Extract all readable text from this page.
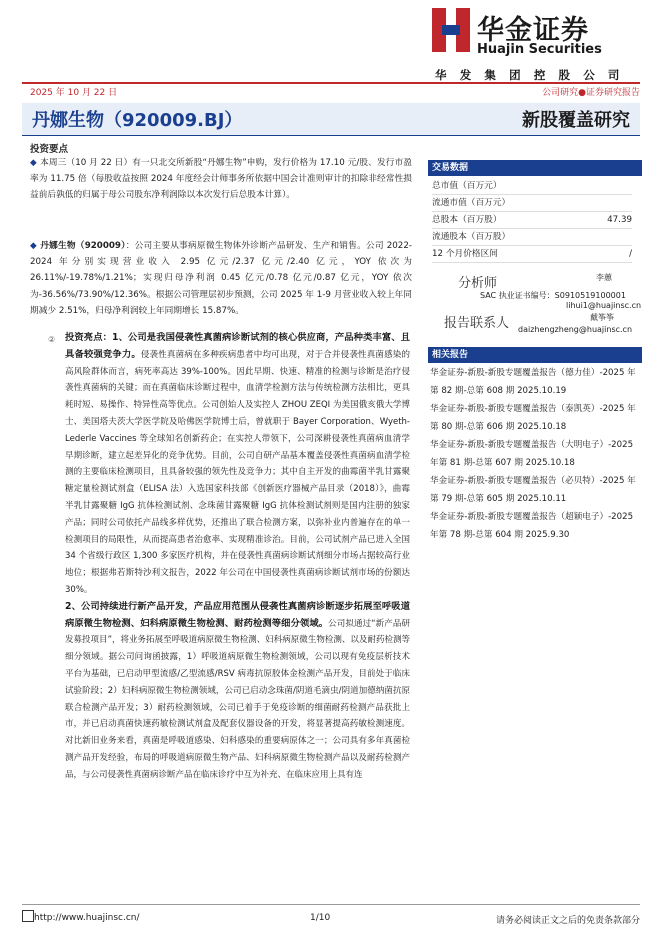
华金证券
Huajin Securities
华 发 集 团 控 股 公 司
2025 年 10 月 22 日	公司研究●证券研究报告
丹娜生物（920009.BJ）	新股覆盖研究
投资要点
◆ 本周三（10 月 22 日）有一只北交所新股“丹娜生物”申购，发行价格为 17.10 元/股、发行市盈率为 11.75 倍（每股收益按照 2024 年度经会计师事务所依据中国会计准则审计的扣除非经常性损益前后孰低的归属于母公司股东净利润除以本次发行后总股本计算）。
◆ 丹娜生物（920009）：公司主要从事病原微生物体外诊断产品研发、生产和销售。公司 2022-2024 年分别实现营业收入 2.95 亿元/2.37 亿元/2.40 亿元，YOY 依次为 26.11%/-19.78%/1.21%；实现归母净利润 0.45 亿元/0.78 亿元/0.87 亿元，YOY 依次为-36.56%/73.90%/12.36%。根据公司管理层初步预测，公司 2025 年 1-9 月营业收入较上年同期减少 2.51%，归母净利润较上年同期增长 15.87%。
② 投资亮点：1、公司是我国侵袭性真菌病诊断试剂的核心供应商，产品种类丰富、且具备较强竞争力。侵袭性真菌病在多种疾病患者中均可出现，对于合并侵袭性真菌感染的高风险群体而言，病死率高达 39%-100%。因此早期、快速、精准的检测与诊断是治疗侵袭性真菌病的关键；而在真菌临床诊断过程中，血清学检测方法与传统检测方法相比，更具耗时短、易操作、特异性高等优点。公司创始人及实控人 ZHOU ZEQI 为美国俄亥俄大学博士、美国塔夫茨大学医学院及哈佛医学院博士后，曾就职于 Bayer Corporation、Wyeth-Lederle Vaccines 等全球知名创新药企；在实控人带领下，公司深耕侵袭性真菌病血清学早期诊断，建立起差异化的竞争优势。目前，公司自研产品基本覆盖侵袭性真菌病血清学检测的主要临床检测项目，且具备较强的领先性及竞争力；其中自主开发的曲霉菌半乳甘露聚糖定量检测试剂盒（ELISA 法）入选国家科技部《创新医疗器械产品目录（2018）》，曲霉半乳甘露聚糖 IgG 抗体检测试剂、念珠菌甘露聚糖 IgG 抗体检测试剂则是国内注册的独家产品；同时公司依托产品线多样优势，还推出了联合检测方案，以弥补业内普遍存在的单一检测项目的局限性，从而提高患者治愈率、实现精准诊治。目前，公司试剂产品已进入全国 34 个省级行政区 1,300 多家医疗机构，并在侵袭性真菌病诊断试剂细分市场占据较高行业地位；根据弗若斯特沙利文报告，2022 年公司在中国侵袭性真菌病诊断试剂市场的份额达 30%。
2、公司持续进行新产品开发，产品应用范围从侵袭性真菌病诊断逐步拓展至呼吸道病原微生物检测、妇科病原微生物检测、耐药检测等细分领域。公司拟通过“新产品研发募投项目”，将业务拓展至呼吸道病原微生物检测、妇科病原微生物检测、以及耐药检测等细分领域。据公司问询函披露，1）呼吸道病原微生物检测领域，公司以现有免疫层析技术平台为基础，已启动甲型流感/乙型流感/RSV 病毒抗原胶体金检测产品开发，目前处于临床试验阶段；2）妇科病原微生物检测领域，公司已启动念珠菌/阴道毛滴虫/阴道加德纳菌抗原联合检测产品开发；3）耐药检测领域，公司已着手于免疫诊断的细菌耐药检测产品获批上市，并已启动真菌快速药敏检测试剂盒及配套仪器设备的开发，将显著提高药敏检测速度。对比新旧业务来看，真菌是呼吸道感染、妇科感染的重要病原体之一；公司具有多年真菌检测产品开发经验，布局的呼吸道病原微生物产品、妇科病原微生物检测产品以及耐药检测产品，与公司侵袭性真菌病诊断产品在临床诊疗中互为补充、在临床应用上具有连
交易数据
总市值（百万元）
流通市值（百万元）
总股本（百万股）	47.39
流通股本（百万股）
12 个月价格区间	/
分析师	李蕙
SAC 执业证书编号：S0910519100001
lihui1@huajinsc.cn
报告联系人	戴筝筝
daizhengzheng@huajinsc.cn
相关报告
华金证券-新股-新股专题覆盖报告（德力佳）-2025 年第 82 期-总第 608 期 2025.10.19
华金证券-新股-新股专题覆盖报告（泰凯英）-2025 年第 80 期-总第 606 期 2025.10.18
华金证券-新股-新股专题覆盖报告（大明电子）-2025 年第 81 期-总第 607 期 2025.10.18
华金证券-新股-新股专题覆盖报告（必贝特）-2025 年第 79 期-总第 605 期 2025.10.11
华金证券-新股-新股专题覆盖报告（超颖电子）-2025 年第 78 期-总第 604 期 2025.9.30
http://www.huajinsc.cn/	1/10	请务必阅读正文之后的免责条款部分
